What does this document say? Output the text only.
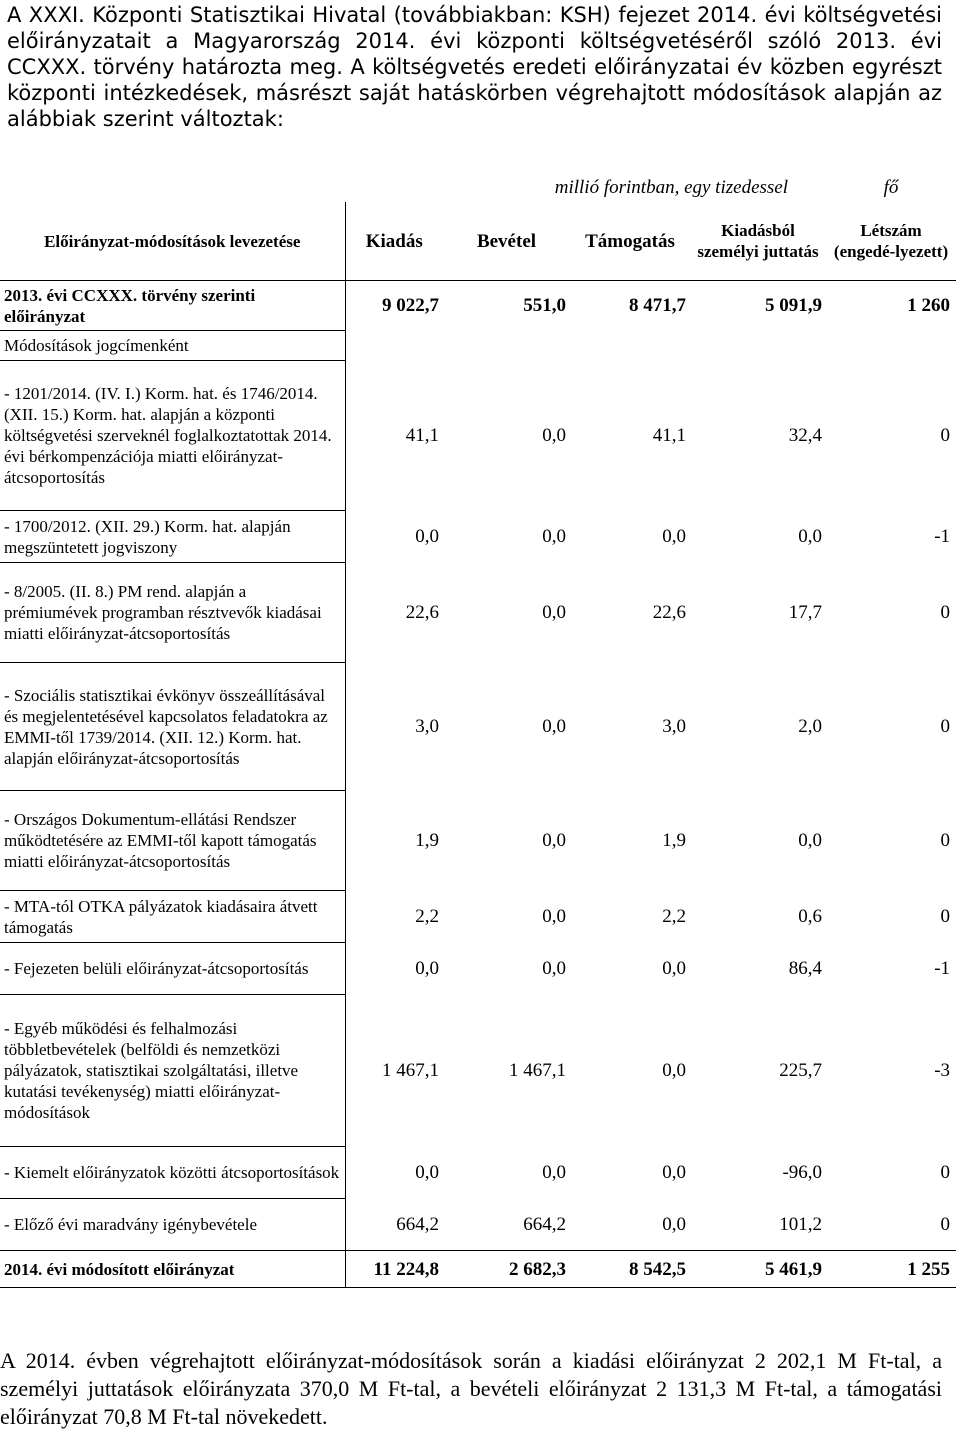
A XXXI. Központi Statisztikai Hivatal (továbbiakban: KSH) fejezet 2014. évi költségvetési előirányzatait a Magyarország 2014. évi központi költségvetéséről szóló 2013. évi CCXXX. törvény határozta meg. A költségvetés eredeti előirányzatai év közben egyrészt központi intézkedések, másrészt saját hatáskörben végrehajtott módosítások alapján az alábbiak szerint változtak:

	millió forintban, egy tizedessel				fő
Előirányzat-módosítások levezetése	Kiadás	Bevétel	Támogatás	Kiadásból személyi juttatás	Létszám (engedé-lyezett)
2013. évi CCXXX. törvény szerinti előirányzat	9 022,7	551,0	8 471,7	5 091,9	1 260
Módosítások jogcímenként					
- 1201/2014. (IV. I.) Korm. hat. és 1746/2014. (XII. 15.) Korm. hat. alapján a központi költségvetési szerveknél foglalkoztatottak 2014. évi bérkompenzációja miatti előirányzat-átcsoportosítás	41,1	0,0	41,1	32,4	0
- 1700/2012. (XII. 29.) Korm. hat. alapján megszüntetett jogviszony	0,0	0,0	0,0	0,0	-1
- 8/2005. (II. 8.) PM rend. alapján a prémiumévek programban résztvevők kiadásai miatti előirányzat-átcsoportosítás	22,6	0,0	22,6	17,7	0
- Szociális statisztikai évkönyv összeállításával és megjelentetésével kapcsolatos feladatokra az EMMI-től 1739/2014. (XII. 12.) Korm. hat. alapján előirányzat-átcsoportosítás	3,0	0,0	3,0	2,0	0
- Országos Dokumentum-ellátási Rendszer működtetésére az EMMI-től kapott támogatás miatti előirányzat-átcsoportosítás	1,9	0,0	1,9	0,0	0
- MTA-tól OTKA pályázatok kiadásaira átvett támogatás	2,2	0,0	2,2	0,6	0
- Fejezeten belüli előirányzat-átcsoportosítás	0,0	0,0	0,0	86,4	-1
- Egyéb működési és felhalmozási többletbevételek (belföldi és nemzetközi pályázatok, statisztikai szolgáltatási, illetve kutatási tevékenység) miatti előirányzat-módosítások	1 467,1	1 467,1	0,0	225,7	-3
- Kiemelt előirányzatok közötti átcsoportosítások	0,0	0,0	0,0	-96,0	0
- Előző évi maradvány igénybevétele	664,2	664,2	0,0	101,2	0
2014. évi módosított előirányzat	11 224,8	2 682,3	8 542,5	5 461,9	1 255

A 2014. évben végrehajtott előirányzat-módosítások során a kiadási előirányzat 2 202,1 M Ft-tal, a személyi juttatások előirányzata 370,0 M Ft-tal, a bevételi előirányzat 2 131,3 M Ft-tal, a támogatási előirányzat 70,8 M Ft-tal növekedett.
